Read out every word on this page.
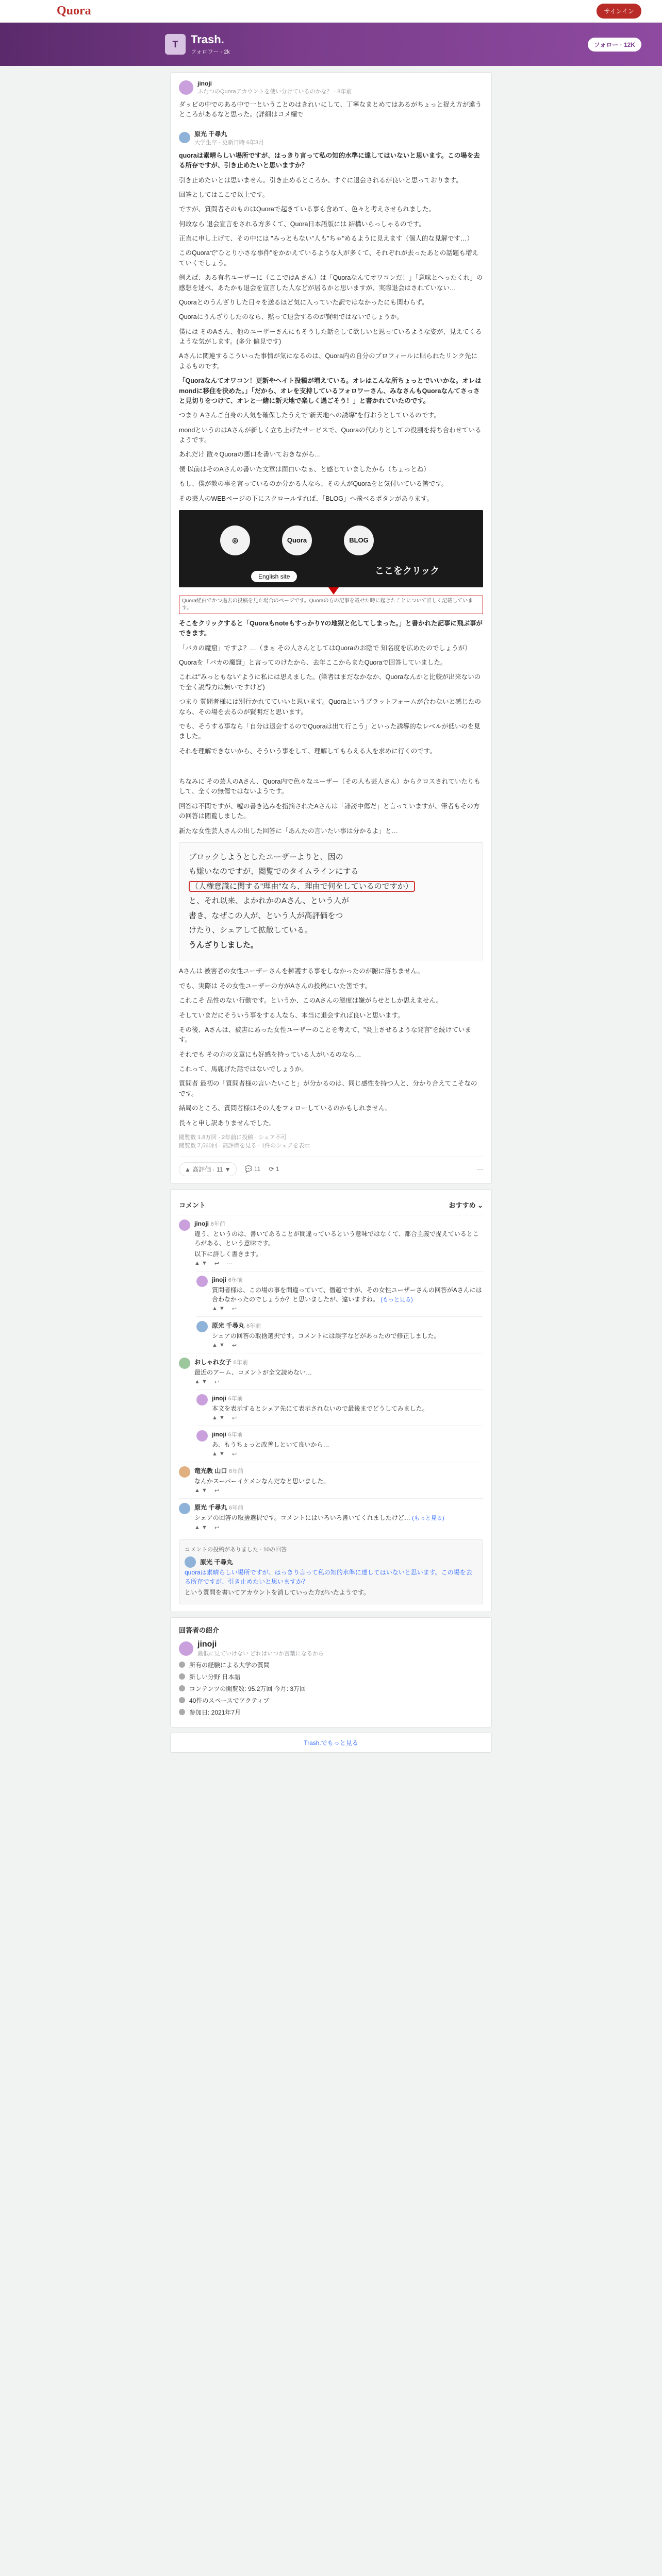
Quora	サインイン
T	Trash.
フォロワー · 2k
フォロー · 12K
jinoji
ふたつのQuoraアカウントを使い分けているのかな？ · 8年前

ダッピの中でのある中で一ということのはきれいにして、丁寧なまとめてはあるがちょっと捉え方が違うところがあるなと思った。(詳細はコメ欄で

原光 千尋丸
大学生卒 · 更新日時 6年3月

quoraは素晴らしい場所ですが、はっきり言って私の知的水準に達してはいないと思います。この場を去る所存ですが、引き止めたいと思いますか？

引き止めたいとは思いません。引き止めるところか、すぐに退会されるが良いと思っております。

回答としてはここで以上です。

ですが、質問者そのものはQuoraで起きている事も含めて、色々と考えさせられました。

何故なら 退会宣言をされる方多くて、Quora日本語版には 結構いらっしゃるのです。

正直に申し上げて、その中には "みっともない"人も"ちゃ"めるように見えます（個人的な見解です…）

このQuoraで"ひとり小さな事件"をかかえているような人が多くて、それぞれが去ったあとの話題も増えていくでしょう。

例えば、ある有名ユーザーに（ここではA さん）は「Quoraなんてオワコンだ！」「意味とへったくれ」の感想を述べ、あたかも退会を宣言した人などが居るかと思いますが、実際退会はされていない…

Quoraとのうんざりした日々を送るほど気に入っていた訳ではなかったにも関わらず。

Quoraにうんざりしたのなら、黙って退会するのが賢明ではないでしょうか。

僕には そのAさん、他のユーザーさんにもそうした話をして欲しいと思っているような姿が、見えてくるような気がします。(多分 偏見です)

Aさんに関連するこういった事情が気になるのは、Quora内の自分のプロフィールに貼られたリンク先によるものです。

「Quoraなんてオワコン！更新やヘイト投稿が増えている。オレはこんな所ちょっとでいいかな。オレはmondに移住を決めた。」「だから、オレを支持しているフォロワーさん、みなさんもQuoraなんてさっさと見切りをつけて、オレと一緒に新天地で楽しく過ごそう！」と書かれていたのです。

つまり Aさんご自身の人気を確保したうえで"新天地への誘導"を行おうとしているのです。

mondというのはAさんが新しく立ち上げたサービスで、Quoraの代わりとしての役割を持ち合わせているようです。

あれだけ 散々Quoraの悪口を書いておきながら…

僕 以前はそのAさんの書いた文章は面白いなぁ、と感じていましたから（ちょっとね）

もし、僕が教の事を言っているのか分かる人なら、その人がQuoraをと気付いている筈です。

その芸人のWEBページの下にスクロールすれば、「BLOG」へ飛べるボタンがあります。

◎	Quora	BLOG
ここをクリック
English site
Quora経由でかつ過去の投稿を見た場合のページです。Quoraの方の記事を載せた時に起きたことについて詳しく記載しています。

そこをクリックすると「QuoraもnoteもすっかりYの地獄と化してしまった。」と書かれた記事に飛ぶ事ができます。

「バカの魔窟」ですよ？…（まぁ その人さんとしてはQuoraのお陰で 知名度を広めたのでしょうが）

Quoraを「バカの魔窟」と言ってのけたから、去年ここからまたQuoraで回答していました。

これは"みっともない"ように私には思えました。(筆者はまだなかなか、Quoraなんかと比較が出来ないので全く説得力は無いですけど)

つまり 質問者様には別行かれてていいと思います。Quoraというプラットフォームが合わないと感じたのなら、その場を去るのが賢明だと思います。

でも、そうする事なら「自分は退会するのでQuoraは出て行こう」といった誘導的なレベルが低いのを見ました。

それを理解できないから、そういう事をして、理解してもらえる人を求めに行くのです。

ちなみに その芸人のAさん、Quora内で色々なユーザー（その人も芸人さん）からクロスされていたりもして、全くの無傷ではないようです。

回答は不問ですが、嘘の書き込みを指摘されたAさんは「誹謗中傷だ」と言っていますが、筆者もその方の回答は閲覧しました。

新たな女性芸人さんの出した回答に「あんたの言いたい事は分かるよ」と…

プロックしようとしたユーザーよりと、因の
も嫌いなのですが、閲覧でのタイムラインにする
（人権意識に関する"理由"なら、理由で何をしているのですか）
と、それ以来、よかれかのAさん、という人が
書き、なぜこの人が、という人が高評価をつ
けたり、シェアして拡散している。
うんざりしました。

Aさんは 被害者の女性ユーザーさんを擁護する事をしなかったのが腑に落ちません。

でも、実際は その女性ユーザーの方がAさんの投稿にいた筈です。

これこそ 品性のない行動です。というか、このAさんの態度は嫌がらせとしか思えません。

そしていまだにそういう事をする人なら、本当に退会すれば良いと思います。

その後、Aさんは、被害にあった女性ユーザーのことを考えて、"炎上させるような発言"を続けています。

それでも その方の文章にも好感を持っている人がいるのなら…

これって、馬鹿げた話ではないでしょうか。

質問者 最初の「質問者様の言いたいこと」が分かるのは、同じ感性を持つ人と、分かり合えてこそなのです。

結局のところ、質問者様はその人をフォローしているのかもしれません。

長々と申し訳ありませんでした。

閲覧数 1.8万回 · 2年前に投稿 · シェア不可
閲覧数 7,560回 · 高評価を見る · 1件のシェアを表示
▲ 高評価 · 11 ▼	💬 11 ⟳ 1	···
コメント	おすすめ ⌄
jinoji 6年前
違う、というのは、書いてあることが間違っているという意味ではなくて、都合主義で捉えているところがある、という意味です。
以下に詳しく書きます。
▲ ▼ ↩ ···
jinoji 6年前
質問者様は、この場の事を間違っていて、僭越ですが、その女性ユーザーさんの回答がAさんには合わなかったのでしょうか？と思いましたが、違いますね。 (もっと見る)
▲ ▼ ↩
原光 千尋丸 6年前
シェアの回答の取捨選択です。コメントには誤字などがあったので修正しました。
▲ ▼ ↩
おしゃれ女子 6年前
最近のアーム、コメントが全文読めない…
▲ ▼ ↩
jinoji 6年前
本文を表示するとシェア先にて表示されないので最後までどうしてみました。
▲ ▼ ↩
jinoji 6年前
あ、もうちょっと改善しといて良いから…
▲ ▼ ↩
竜光教 山口 6年前
なんかスーパーイケメンなんだなと思いました。
▲ ▼ ↩
原光 千尋丸 6年前
シェアの回答の取捨選択です。コメントにはいろいろ書いてくれましたけど… (もっと見る)
▲ ▼ ↩
コメントの投稿がありました · 10の回答
原光 千尋丸
quoraは素晴らしい場所ですが、はっきり言って私の知的水準に達してはいないと思います。この場を去る所存ですが、引き止めたいと思いますか？
という質問を書いてアカウントを消していった方がいたようです。
回答者の紹介
jinoji
最低に見ていけない どれはいつか言葉になるから
所有の経験による大学の質問
新しい分野 日本語
コンテンツの閲覧数: 95.2万回 今月: 3万回
40件のスペースでアクティブ
参加日: 2021年7月
Trash.でもっと見る
